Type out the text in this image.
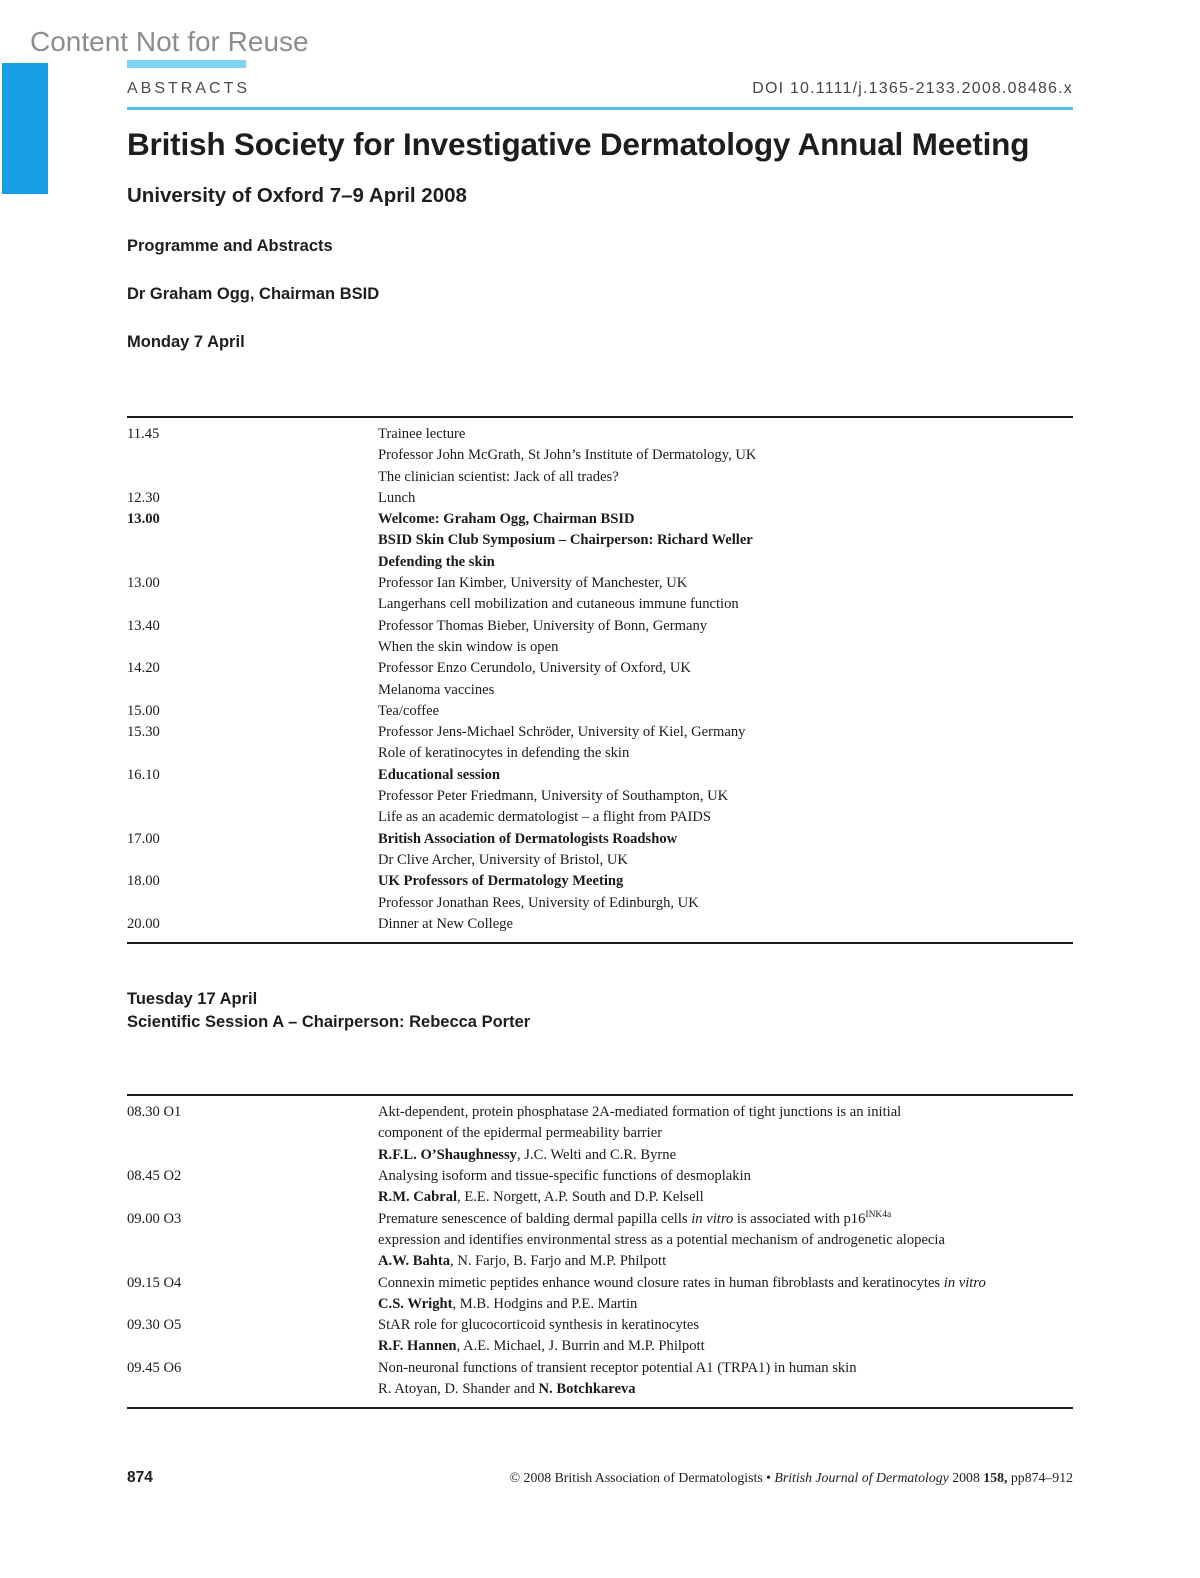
Content Not for Reuse
ABSTRACTS	DOI 10.1111/j.1365-2133.2008.08486.x
British Society for Investigative Dermatology Annual Meeting
University of Oxford 7–9 April 2008
Programme and Abstracts
Dr Graham Ogg, Chairman BSID
Monday 7 April
11.45	Trainee lecture
Professor John McGrath, St John’s Institute of Dermatology, UK
The clinician scientist: Jack of all trades?
12.30	Lunch
13.00	Welcome: Graham Ogg, Chairman BSID
BSID Skin Club Symposium – Chairperson: Richard Weller
Defending the skin
13.00	Professor Ian Kimber, University of Manchester, UK
Langerhans cell mobilization and cutaneous immune function
13.40	Professor Thomas Bieber, University of Bonn, Germany
When the skin window is open
14.20	Professor Enzo Cerundolo, University of Oxford, UK
Melanoma vaccines
15.00	Tea/coffee
15.30	Professor Jens-Michael Schröder, University of Kiel, Germany
Role of keratinocytes in defending the skin
16.10	Educational session
Professor Peter Friedmann, University of Southampton, UK
Life as an academic dermatologist – a flight from PAIDS
17.00	British Association of Dermatologists Roadshow
Dr Clive Archer, University of Bristol, UK
18.00	UK Professors of Dermatology Meeting
Professor Jonathan Rees, University of Edinburgh, UK
20.00	Dinner at New College
Tuesday 17 April
Scientific Session A – Chairperson: Rebecca Porter
08.30 O1	Akt-dependent, protein phosphatase 2A-mediated formation of tight junctions is an initial
component of the epidermal permeability barrier
R.F.L. O’Shaughnessy, J.C. Welti and C.R. Byrne
08.45 O2	Analysing isoform and tissue-specific functions of desmoplakin
R.M. Cabral, E.E. Norgett, A.P. South and D.P. Kelsell
09.00 O3	Premature senescence of balding dermal papilla cells in vitro is associated with $p16^{INK4a}$
expression and identifies environmental stress as a potential mechanism of androgenetic alopecia
A.W. Bahta, N. Farjo, B. Farjo and M.P. Philpott
09.15 O4	Connexin mimetic peptides enhance wound closure rates in human fibroblasts and keratinocytes in vitro
C.S. Wright, M.B. Hodgins and P.E. Martin
09.30 O5	StAR role for glucocorticoid synthesis in keratinocytes
R.F. Hannen, A.E. Michael, J. Burrin and M.P. Philpott
09.45 O6	Non-neuronal functions of transient receptor potential A1 (TRPA1) in human skin
R. Atoyan, D. Shander and N. Botchkareva
874	© 2008 British Association of Dermatologists • British Journal of Dermatology 2008 158, pp874–912
